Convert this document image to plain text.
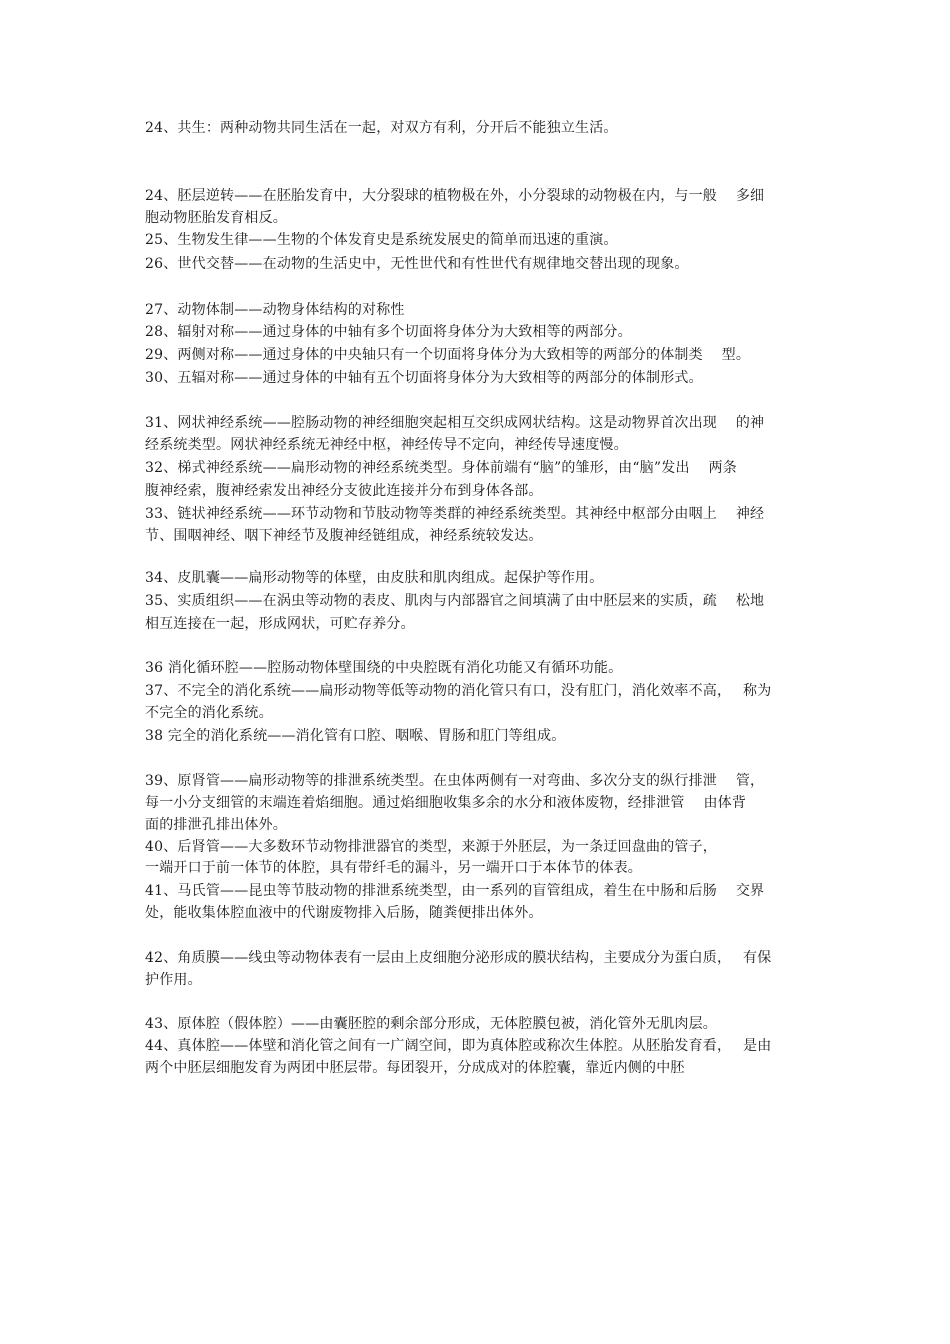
24、共生：两种动物共同生活在一起，对双方有利，分开后不能独立生活。
24、胚层逆转——在胚胎发育中，大分裂球的植物极在外，小分裂球的动物极在内，与一般　 多细
胞动物胚胎发育相反。
25、生物发生律——生物的个体发育史是系统发展史的简单而迅速的重演。
26、世代交替——在动物的生活史中，无性世代和有性世代有规律地交替出现的现象。
27、动物体制——动物身体结构的对称性
28、辐射对称——通过身体的中轴有多个切面将身体分为大致相等的两部分。
29、两侧对称——通过身体的中央轴只有一个切面将身体分为大致相等的两部分的体制类　 型。
30、五辐对称——通过身体的中轴有五个切面将身体分为大致相等的两部分的体制形式。
31、网状神经系统——腔肠动物的神经细胞突起相互交织成网状结构。这是动物界首次出现　 的神
经系统类型。网状神经系统无神经中枢，神经传导不定向，神经传导速度慢。
32、梯式神经系统——扁形动物的神经系统类型。身体前端有“脑”的雏形，由“脑”发出　 两条
腹神经索，腹神经索发出神经分支彼此连接并分布到身体各部。
33、链状神经系统——环节动物和节肢动物等类群的神经系统类型。其神经中枢部分由咽上　 神经
节、围咽神经、咽下神经节及腹神经链组成，神经系统较发达。
34、皮肌囊——扁形动物等的体壁，由皮肤和肌肉组成。起保护等作用。
35、实质组织——在涡虫等动物的表皮、肌肉与内部器官之间填满了由中胚层来的实质，疏　 松地
相互连接在一起，形成网状，可贮存养分。
36 消化循环腔——腔肠动物体壁围绕的中央腔既有消化功能又有循环功能。
37、不完全的消化系统——扁形动物等低等动物的消化管只有口，没有肛门，消化效率不高，　 称为
不完全的消化系统。
38 完全的消化系统——消化管有口腔、咽喉、胃肠和肛门等组成。
39、原肾管——扁形动物等的排泄系统类型。在虫体两侧有一对弯曲、多次分支的纵行排泄　 管，
每一小分支细管的末端连着焰细胞。通过焰细胞收集多余的水分和液体废物，经排泄管　 由体背
面的排泄孔排出体外。
40、后肾管——大多数环节动物排泄器官的类型，来源于外胚层，为一条迂回盘曲的管子，
一端开口于前一体节的体腔，具有带纤毛的漏斗，另一端开口于本体节的体表。
41、马氏管——昆虫等节肢动物的排泄系统类型，由一系列的盲管组成，着生在中肠和后肠　 交界
处，能收集体腔血液中的代谢废物排入后肠，随粪便排出体外。
42、角质膜——线虫等动物体表有一层由上皮细胞分泌形成的膜状结构，主要成分为蛋白质，　 有保
护作用。
43、原体腔（假体腔）——由囊胚腔的剩余部分形成，无体腔膜包被，消化管外无肌肉层。
44、真体腔——体壁和消化管之间有一广阔空间，即为真体腔或称次生体腔。从胚胎发育看，　 是由
两个中胚层细胞发育为两团中胚层带。每团裂开，分成成对的体腔囊，靠近内侧的中胚
